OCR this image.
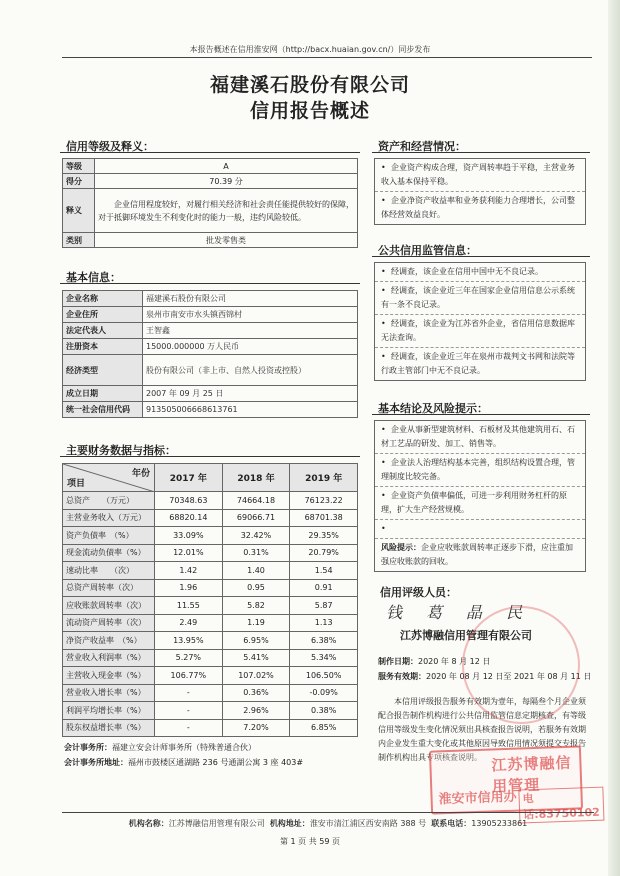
本报告概述在信用淮安网（http://bacx.huaian.gov.cn/）同步发布
福建溪石股份有限公司
信用报告概述
信用等级及释义：
等级	A
得分	70.39 分
释义	企业信用程度较好，对履行相关经济和社会责任能提供较好的保障，对于抵御环境发生不利变化时的能力一般，违约风险较低。
类别	批发零售类
基本信息：
企业名称	福建溪石股份有限公司
企业住所	泉州市南安市水头镇西锦村
法定代表人	王智鑫
注册资本	15000.000000 万人民币
经济类型	股份有限公司（非上市、自然人投资或控股）
成立日期	2007 年 09 月 25 日
统一社会信用代码	913505006668613761
主要财务数据与指标：
年份
项目	2017 年	2018 年	2019 年
总资产　　（万元）	70348.63	74664.18	76123.22
主营业务收入（万元）	68820.14	69066.71	68701.38
资产负债率　（%）	33.09%	32.42%	29.35%
现金流动负债率（%）	12.01%	0.31%	20.79%
速动比率　　（次）	1.42	1.40	1.54
总资产周转率（次）	1.96	0.95	0.91
应收账款周转率（次）	11.55	5.82	5.87
流动资产周转率（次）	2.49	1.19	1.13
净资产收益率　（%）	13.95%	6.95%	6.38%
营业收入利润率（%）	5.27%	5.41%	5.34%
主营收入现金率（%）	106.77%	107.02%	106.50%
营业收入增长率（%）	-	0.36%	-0.09%
利润平均增长率（%）	-	2.96%	0.38%
股东权益增长率（%）	-	7.20%	6.85%
会计事务所：福建立安会计师事务所（特殊普通合伙）
会计事务所地址：福州市鼓楼区通湖路 236 号通湖公寓 3 座 403#
资产和经营情况：
• 企业资产构成合理，资产周转率趋于平稳，主营业务收入基本保持平稳。
• 企业净资产收益率和业务获利能力合理增长，公司整体经营效益良好。
公共信用监管信息：
• 经调查，该企业在信用中国中无不良记录。
• 经调查，该企业近三年在国家企业信用信息公示系统有一条不良记录。
• 经调查，该企业为江苏省外企业，省信用信息数据库无法查询。
• 经调查，该企业近三年在泉州市裁判文书网和法院等行政主管部门中无不良记录。
基本结论及风险提示：
• 企业从事新型建筑材料、石板材及其他建筑用石、石材工艺品的研发、加工、销售等。
• 企业法人治理结构基本完善，组织结构设置合理，管理制度比较完备。
• 企业资产负债率偏低，可进一步利用财务杠杆的原理，扩大生产经营规模。
•
风险提示：企业应收账款周转率正逐步下滑，应注重加强应收账款的回收。
信用评级人员：
钱　葛　晶　民
江苏博融信用管理有限公司
制作日期：2020 年 8 月 12 日
服务有效期：2020 年 08 月 12 日至 2021 年 08 月 11 日
本信用评级报告服务有效期为壹年，每隔叁个月企业须配合报告制作机构进行公共信用监管信息定期核查，有等级信用等级发生变化情况须出具核查报告说明，若服务有效期内企业发生重大变化或其他原因导致信用情况须提交专报告制作机构出具专项核查说明。 江苏博融信用管理
淮安市信用办 电话:83750102
机构名称：江苏博融信用管理有限公司 机构地址：淮安市清江浦区西安南路 388 号 联系电话：13905233861
第 1 页 共 59 页
